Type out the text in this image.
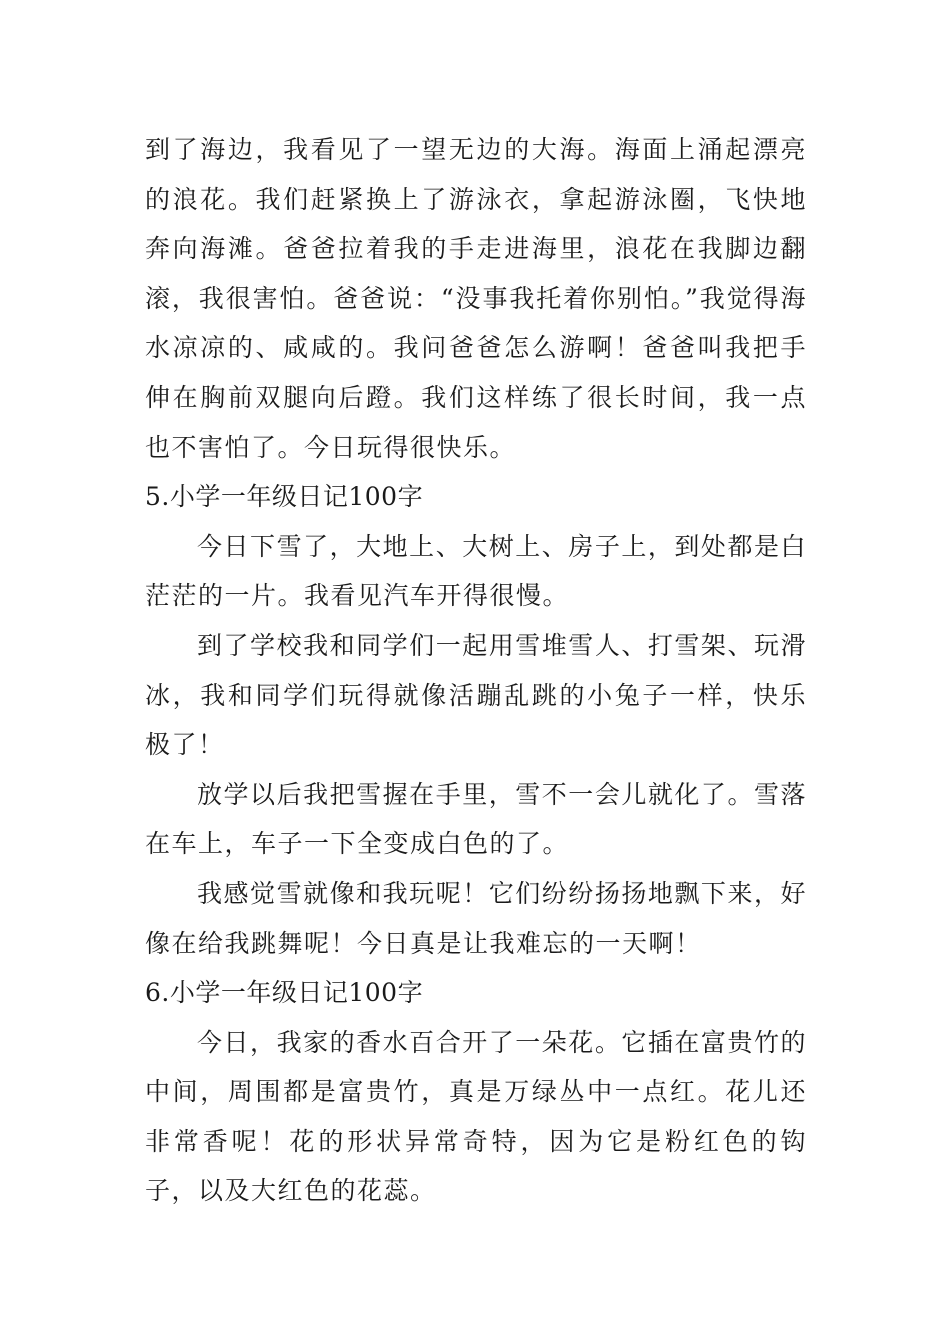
到了海边，我看见了一望无边的大海。海面上涌起漂亮的浪花。我们赶紧换上了游泳衣，拿起游泳圈，飞快地奔向海滩。爸爸拉着我的手走进海里，浪花在我脚边翻滚，我很害怕。爸爸说：“没事我托着你别怕。”我觉得海水凉凉的、咸咸的。我问爸爸怎么游啊！爸爸叫我把手伸在胸前双腿向后蹬。我们这样练了很长时间，我一点也不害怕了。今日玩得很快乐。

5.小学一年级日记100字

今日下雪了，大地上、大树上、房子上，到处都是白茫茫的一片。我看见汽车开得很慢。

到了学校我和同学们一起用雪堆雪人、打雪架、玩滑冰，我和同学们玩得就像活蹦乱跳的小兔子一样，快乐极了！

放学以后我把雪握在手里，雪不一会儿就化了。雪落在车上，车子一下全变成白色的了。

我感觉雪就像和我玩呢！它们纷纷扬扬地飘下来，好像在给我跳舞呢！今日真是让我难忘的一天啊！

6.小学一年级日记100字

今日，我家的香水百合开了一朵花。它插在富贵竹的中间，周围都是富贵竹，真是万绿丛中一点红。花儿还非常香呢！花的形状异常奇特，因为它是粉红色的钩子，以及大红色的花蕊。
